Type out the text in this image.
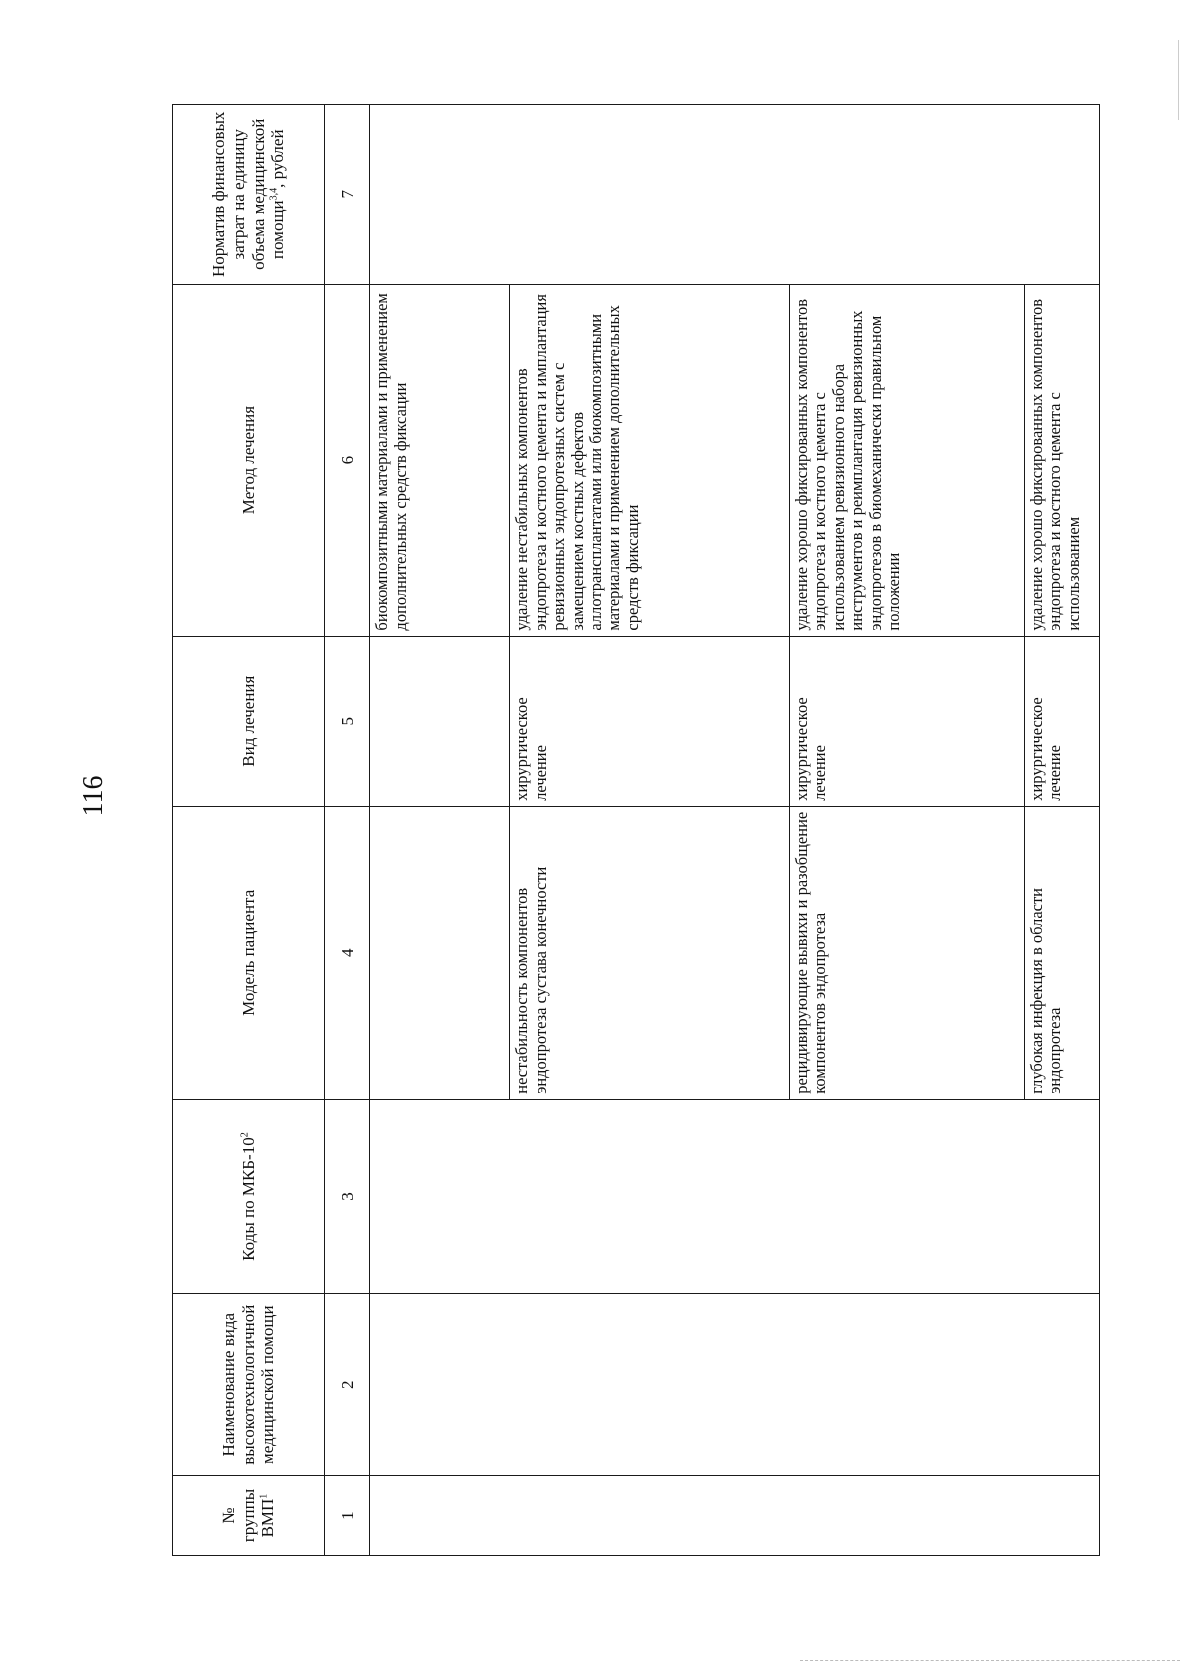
116
№ группы ВМП$^1$	Наименование вида высокотехнологичной медицинской помощи	Коды по МКБ-$10^2$	Модель пациента	Вид лечения	Метод лечения	Норматив финансовых затрат на единицу объема медицинской помощи$^{3,4}$, рублей
1	2	3	4	5	6	7

					биокомпозитными материалами и применением дополнительных средств фиксации	

			нестабильность компонентов эндопротеза сустава конечности	хирургическое лечение	удаление нестабильных компонентов эндопротеза и костного цемента и имплантация ревизионных эндопротезных систем с замещением костных дефектов аллотрансплантатами или биокомпозитными материалами и применением дополнительных средств фиксации	

			рецидивирующие вывихи и разобщение компонентов эндопротеза	хирургическое лечение	удаление хорошо фиксированных компонентов эндопротеза и костного цемента с использованием ревизионного набора инструментов и реимплантация ревизионных эндопротезов в биомеханически правильном положении	

			глубокая инфекция в области эндопротеза	хирургическое лечение	удаление хорошо фиксированных компонентов эндопротеза и костного цемента с использованием	
